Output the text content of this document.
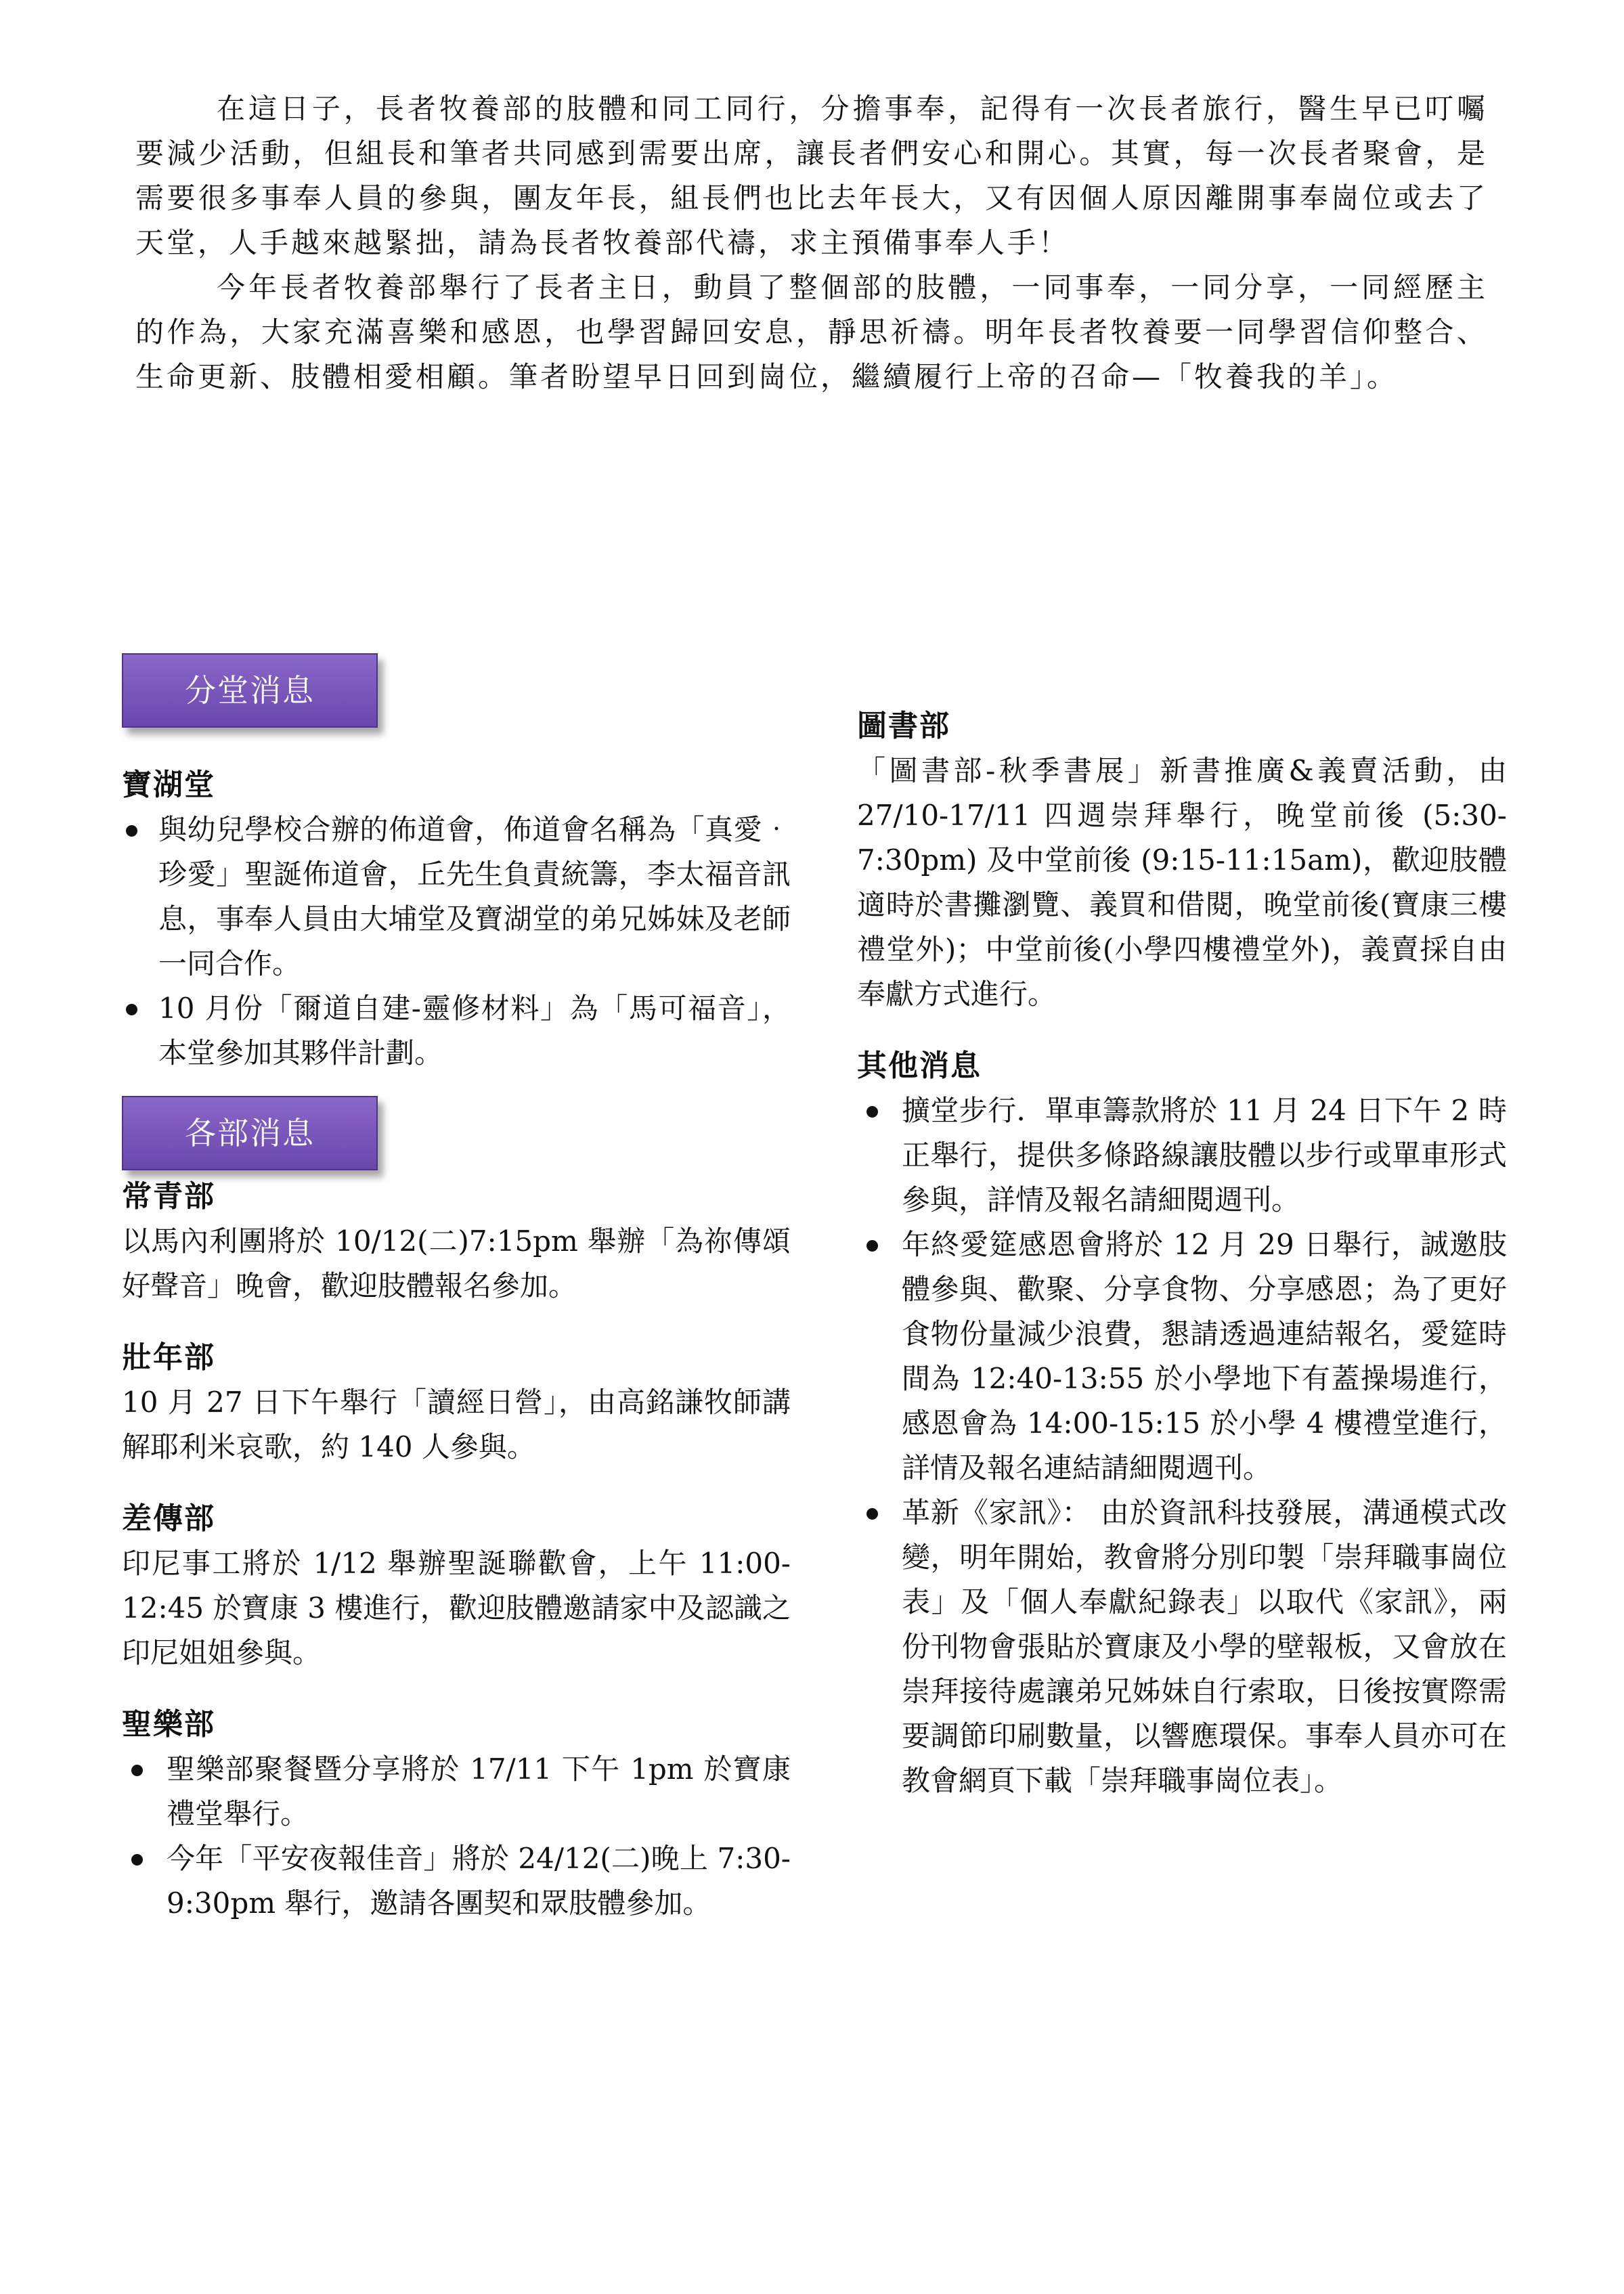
在這日子，長者牧養部的肢體和同工同行，分擔事奉，記得有一次長者旅行，醫生早已叮囑要減少活動，但組長和筆者共同感到需要出席，讓長者們安心和開心。其實，每一次長者聚會，是需要很多事奉人員的參與，團友年長，組長們也比去年長大，又有因個人原因離開事奉崗位或去了天堂，人手越來越緊拙，請為長者牧養部代禱，求主預備事奉人手！

今年長者牧養部舉行了長者主日，動員了整個部的肢體，一同事奉，一同分享，一同經歷主的作為，大家充滿喜樂和感恩，也學習歸回安息，靜思祈禱。明年長者牧養要一同學習信仰整合、生命更新、肢體相愛相顧。筆者盼望早日回到崗位，繼續履行上帝的召命—「牧養我的羊」。

分堂消息

寶湖堂

與幼兒學校合辦的佈道會，佈道會名稱為「真愛‧珍愛」聖誕佈道會，丘先生負責統籌，李太福音訊息，事奉人員由大埔堂及寶湖堂的弟兄姊妹及老師一同合作。
10 月份「爾道自建-靈修材料」為「馬可福音」，本堂參加其夥伴計劃。
各部消息

常青部

以馬內利團將於 10/12(二)7:15pm 舉辦「為祢傳頌好聲音」晚會，歡迎肢體報名參加。

壯年部

10 月 27 日下午舉行「讀經日營」，由高銘謙牧師講解耶利米哀歌，約 140 人參與。

差傳部

印尼事工將於 1/12 舉辦聖誕聯歡會，上午 11:00-12:45 於寶康 3 樓進行，歡迎肢體邀請家中及認識之印尼姐姐參與。

聖樂部

聖樂部聚餐暨分享將於 17/11 下午 1pm 於寶康禮堂舉行。
今年「平安夜報佳音」將於 24/12(二)晚上 7:30-9:30pm 舉行，邀請各團契和眾肢體參加。

圖書部

「圖書部-秋季書展」新書推廣&義賣活動，由 27/10-17/11 四週崇拜舉行，晚堂前後 (5:30-7:30pm) 及中堂前後 (9:15-11:15am)，歡迎肢體適時於書攤瀏覽、義買和借閱，晚堂前後(寶康三樓禮堂外)；中堂前後(小學四樓禮堂外)，義賣採自由奉獻方式進行。

其他消息

擴堂步行．單車籌款將於 11 月 24 日下午 2 時正舉行，提供多條路線讓肢體以步行或單車形式參與，詳情及報名請細閱週刊。
年終愛筵感恩會將於 12 月 29 日舉行，誠邀肢體參與、歡聚、分享食物、分享感恩；為了更好食物份量減少浪費，懇請透過連結報名，愛筵時間為 12:40-13:55 於小學地下有蓋操場進行，感恩會為 14:00-15:15 於小學 4 樓禮堂進行，詳情及報名連結請細閱週刊。
革新《家訊》： 由於資訊科技發展，溝通模式改變，明年開始，教會將分別印製「崇拜職事崗位表」及「個人奉獻紀錄表」以取代《家訊》，兩份刊物會張貼於寶康及小學的壁報板，又會放在崇拜接待處讓弟兄姊妹自行索取，日後按實際需要調節印刷數量，以響應環保。事奉人員亦可在教會網頁下載「崇拜職事崗位表」。
